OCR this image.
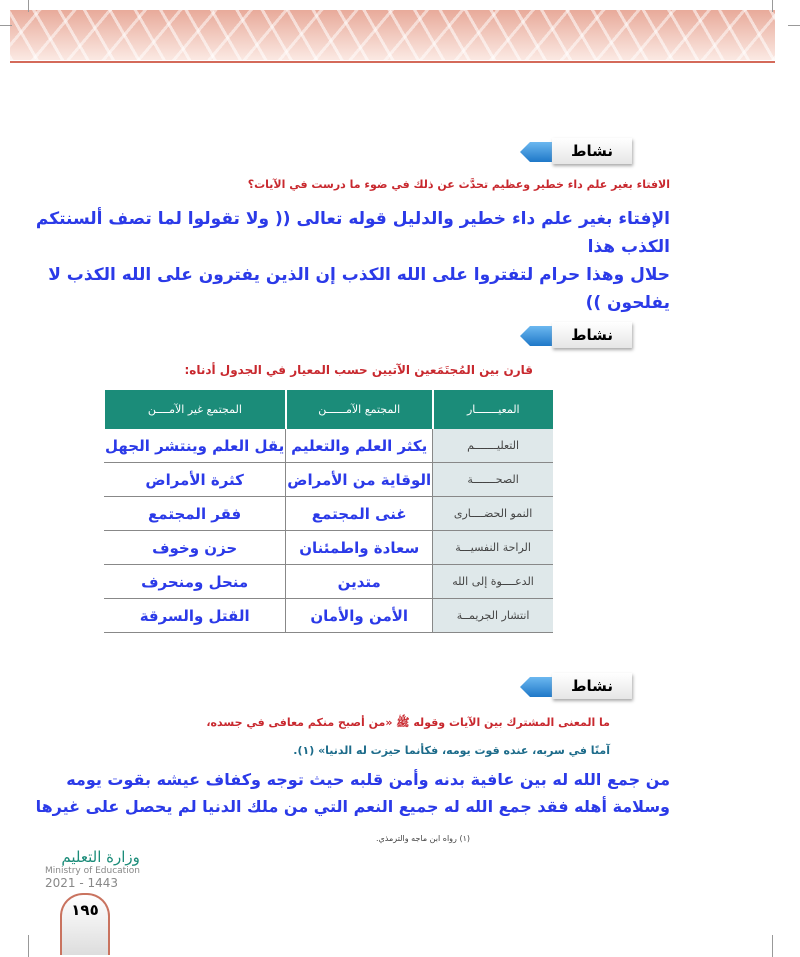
نشاط
الافتاء بغير علم داء خطير وعظيم تحدَّث عن ذلك في ضوء ما درست في الآيات؟
الإفتاء بغير علم داء خطير والدليل قوله تعالى (( ولا تقولوا لما تصف ألسنتكم الكذب هذا
حلال وهذا حرام لتفتروا على الله الكذب إن الذين يفترون على الله الكذب لا يفلحون ))
نشاط
قارن بين المُجتَمَعين الآتيين حسب المعيار في الجدول أدناه:
المعيـــــــار	المجتمع الآمــــــن	المجتمع غير الآمــــن
التعليـــــــم	يكثر العلم والتعليم	يقل العلم وينتشر الجهل
الصحـــــــة	الوقاية من الأمراض	كثرة الأمراض
النمو الحضــــارى	غنى المجتمع	فقر المجتمع
الراحة النفسيـــة	سعادة واطمئنان	حزن وخوف
الدعــــوة إلى الله	متدين	منحل ومنحرف
انتشار الجريمــة	الأمن والأمان	القتل والسرقة
نشاط
ما المعنى المشترك بين الآيات وقوله ﷺ «من أصبح منكم معافى في جسده،
آمنًا في سربه، عنده قوت يومه، فكأنما حيزت له الدنيا» (١).
من جمع الله له بين عافية بدنه وأمن قلبه حيث توجه وكفاف عيشه بقوت يومه
وسلامة أهله فقد جمع الله له جميع النعم التي من ملك الدنيا لم يحصل على غيرها
(١) رواه ابن ماجه والترمذي.
وزارة التعليم
Ministry of Education
2021 - 1443
١٩٥
